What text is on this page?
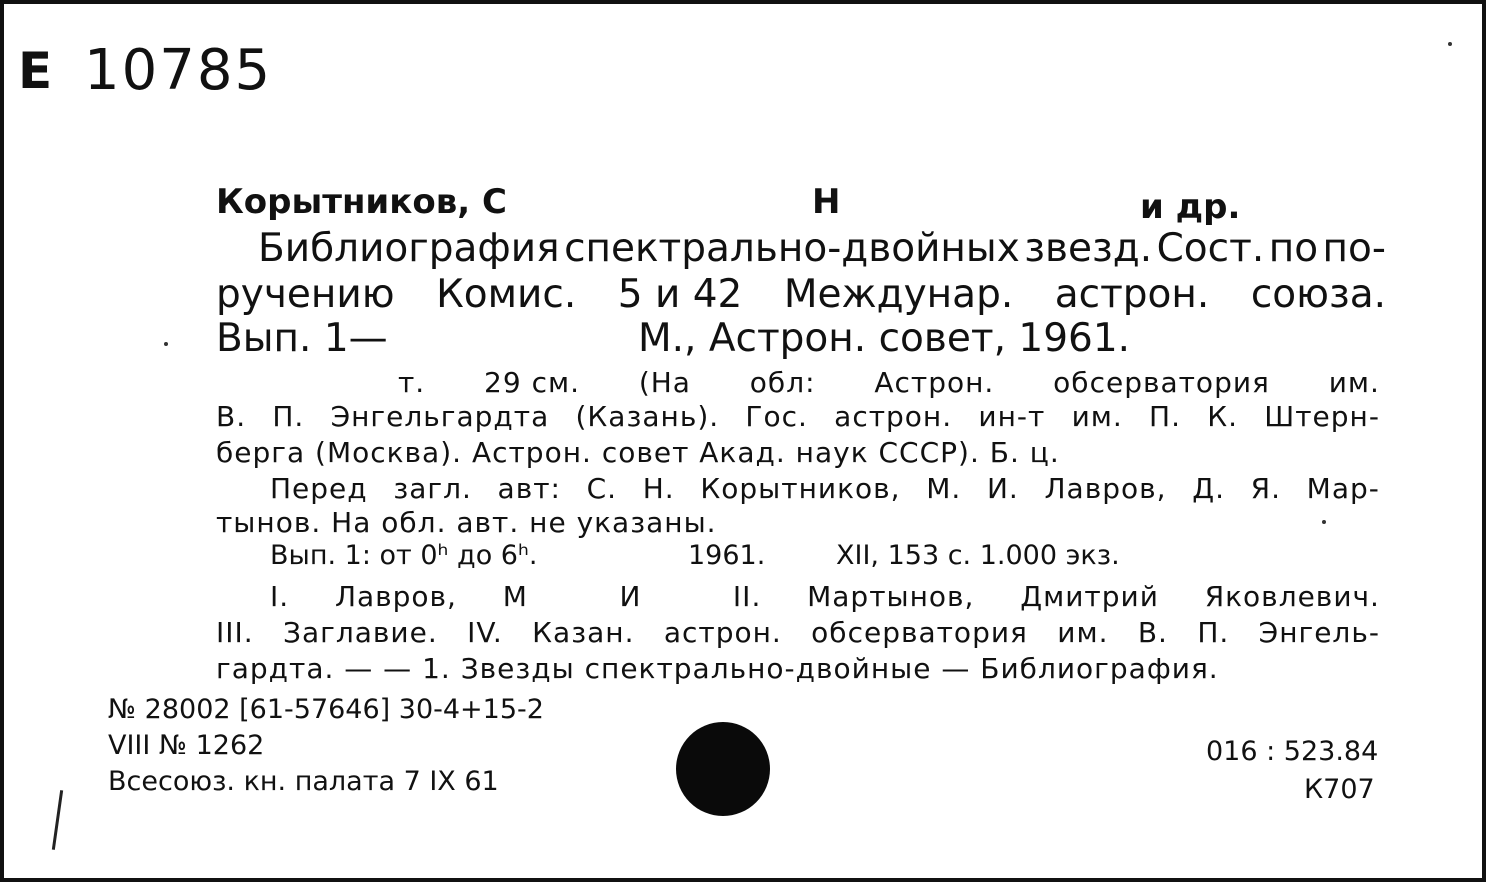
E 10785
Корытников, С	Н	и др.
Библиография спектрально-двойных звезд. Сост. по по-
ручению Комис. 5 и 42 Междунар. астрон. союза.
Вып. 1—	М., Астрон. совет, 1961.
т. 29 см. (На обл: Астрон. обсерватория им.
В. П. Энгельгардта (Казань). Гос. астрон. ин-т им. П. К. Штерн-
берга (Москва). Астрон. совет Акад. наук СССР). Б. ц.
Перед загл. авт: С. Н. Корытников, М. И. Лавров, Д. Я. Мар-
тынов. На обл. авт. не указаны.
Вып. 1: от 0ʰ до 6ʰ.	1961.	XII, 153 с. 1.000 экз.
I. Лавров, М	И	II. Мартынов, Дмитрий Яковлевич.
III. Заглавие. IV. Казан. астрон. обсерватория им. В. П. Энгель-
гардта. — — 1. Звезды спектрально-двойные — Библиография.
№ 28002 [61-57646] 30-4+15-2
VIII № 1262
Всесоюз. кн. палата 7 IX 61
016 : 523.84
К707
